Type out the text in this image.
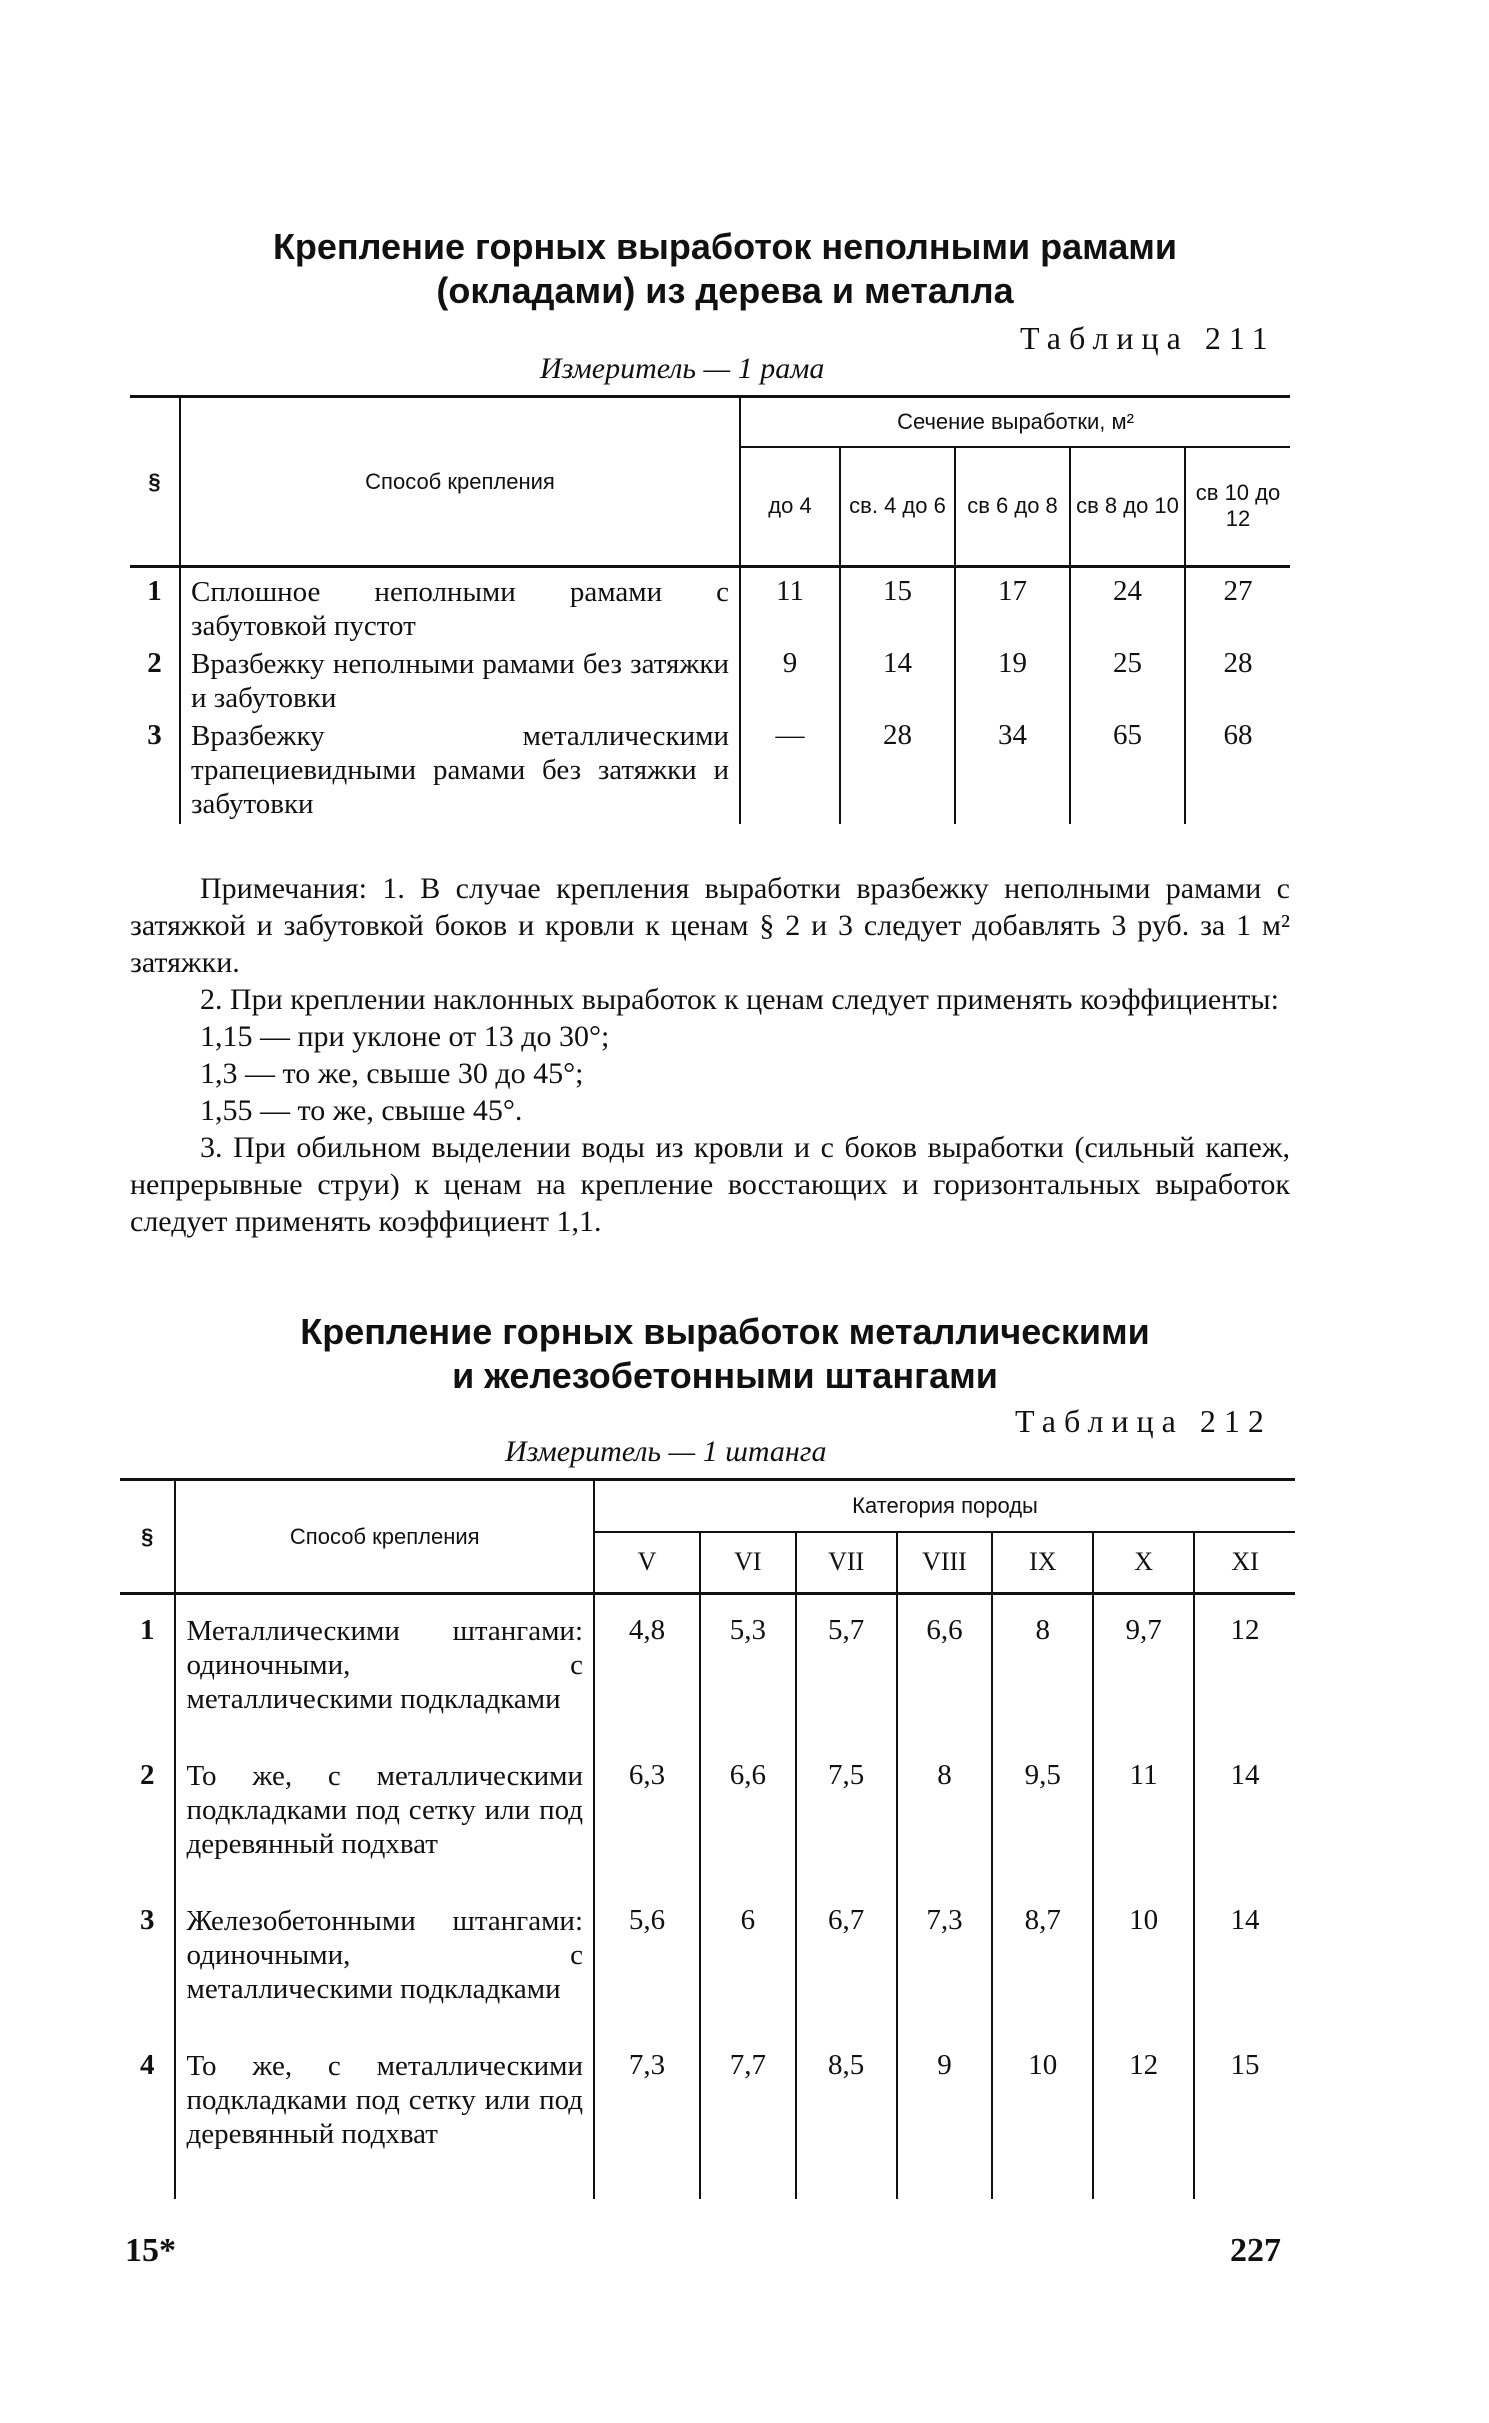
Крепление горных выработок неполными рамами
(окладами) из дерева и металла
Таблица 211
Измеритель — 1 рама
§	Способ крепления	Сечение выработки, м²				
		до 4	св. 4 до 6	св 6 до 8	св 8 до 10	св 10 до 12

1	Сплошное неполными рамами с забутовкой пустот	11	15	17	24	27
2	Вразбежку неполными рамами без затяжки и забутовки	9	14	19	25	28
3	Вразбежку металлическими трапециевидными рамами без затяжки и забутовки	—	28	34	65	68

Примечания: 1. В случае крепления выработки вразбежку неполными рамами с затяжкой и забутовкой боков и кровли к ценам § 2 и 3 следует добавлять 3 руб. за 1 м² затяжки.

2. При креплении наклонных выработок к ценам следует применять коэффициенты:

1,15 — при уклоне от 13 до 30°;

1,3 — то же, свыше 30 до 45°;

1,55 — то же, свыше 45°.

3. При обильном выделении воды из кровли и с боков выработки (сильный капеж, непрерывные струи) к ценам на крепление восстающих и горизонтальных выработок следует применять коэффициент 1,1.

Крепление горных выработок металлическими
и железобетонными штангами
Таблица 212
Измеритель — 1 штанга
§	Способ крепления	Категория породы						
		V	VI	VII	VIII	IX	X	XI

1	Металлическими штангами: одиночными, с металлическими подкладками	4,8	5,3	5,7	6,6	8	9,7	12
2	То же, с металлическими подкладками под сетку или под деревянный подхват	6,3	6,6	7,5	8	9,5	11	14
3	Железобетонными штангами: одиночными, с металлическими подкладками	5,6	6	6,7	7,3	8,7	10	14
4	То же, с металлическими подкладками под сетку или под деревянный подхват	7,3	7,7	8,5	9	10	12	15
15*	227
